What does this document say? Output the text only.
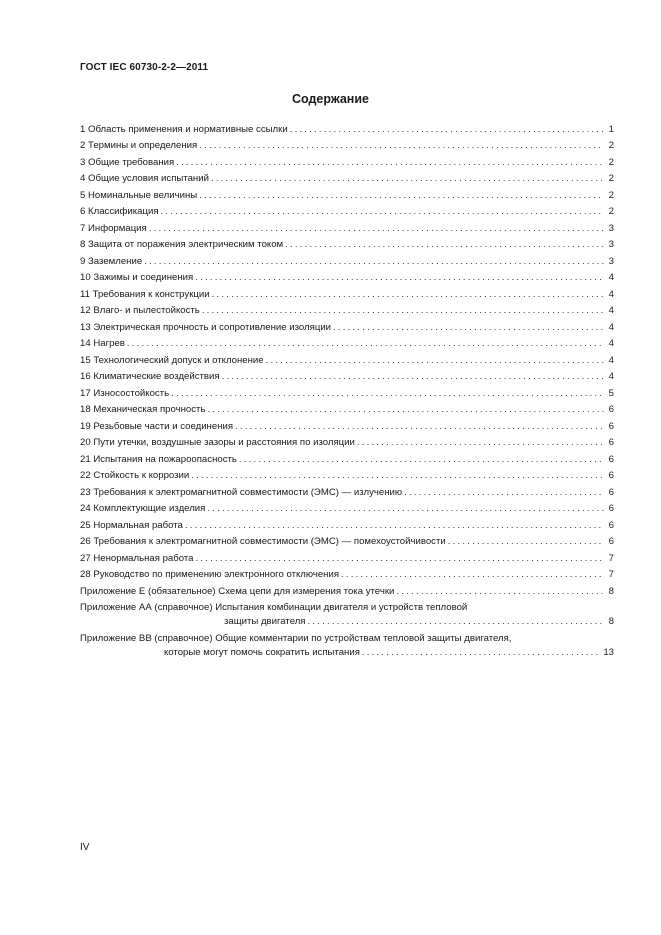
ГОСТ IEC 60730-2-2—2011
Содержание
1 Область применения и нормативные ссылки .....	1
2 Термины и определения .....	2
3 Общие требования .....	2
4 Общие условия испытаний .....	2
5 Номинальные величины .....	2
6 Классификация .....	2
7 Информация .....	3
8 Защита от поражения электрическим током .....	3
9 Заземление .....	3
10 Зажимы и соединения .....	4
11 Требования к конструкции .....	4
12 Влаго- и пылестойкость .....	4
13 Электрическая прочность и сопротивление изоляции .....	4
14 Нагрев .....	4
15 Технологический допуск и отклонение .....	4
16 Климатические воздействия .....	4
17 Износостойкость .....	5
18 Механическая прочность .....	6
19 Резьбовые части и соединения .....	6
20 Пути утечки, воздушные зазоры и расстояния по изоляции .....	6
21 Испытания на пожароопасность .....	6
22 Стойкость к коррозии .....	6
23 Требования к электромагнитной совместимости (ЭМС) — излучению .....	6
24 Комплектующие изделия .....	6
25 Нормальная работа .....	6
26 Требования к электромагнитной совместимости (ЭМС) — помехоустойчивости .....	6
27 Ненормальная работа .....	7
28 Руководство по применению электронного отключения .....	7
Приложение Е (обязательное) Схема цепи для измерения тока утечки .....	8
Приложение АА (справочное) Испытания комбинации двигателя и устройств тепловой
защиты двигателя .....	8
Приложение ВВ (справочное) Общие комментарии по устройствам тепловой защиты двигателя,
которые могут помочь сократить испытания .....	13
IV
